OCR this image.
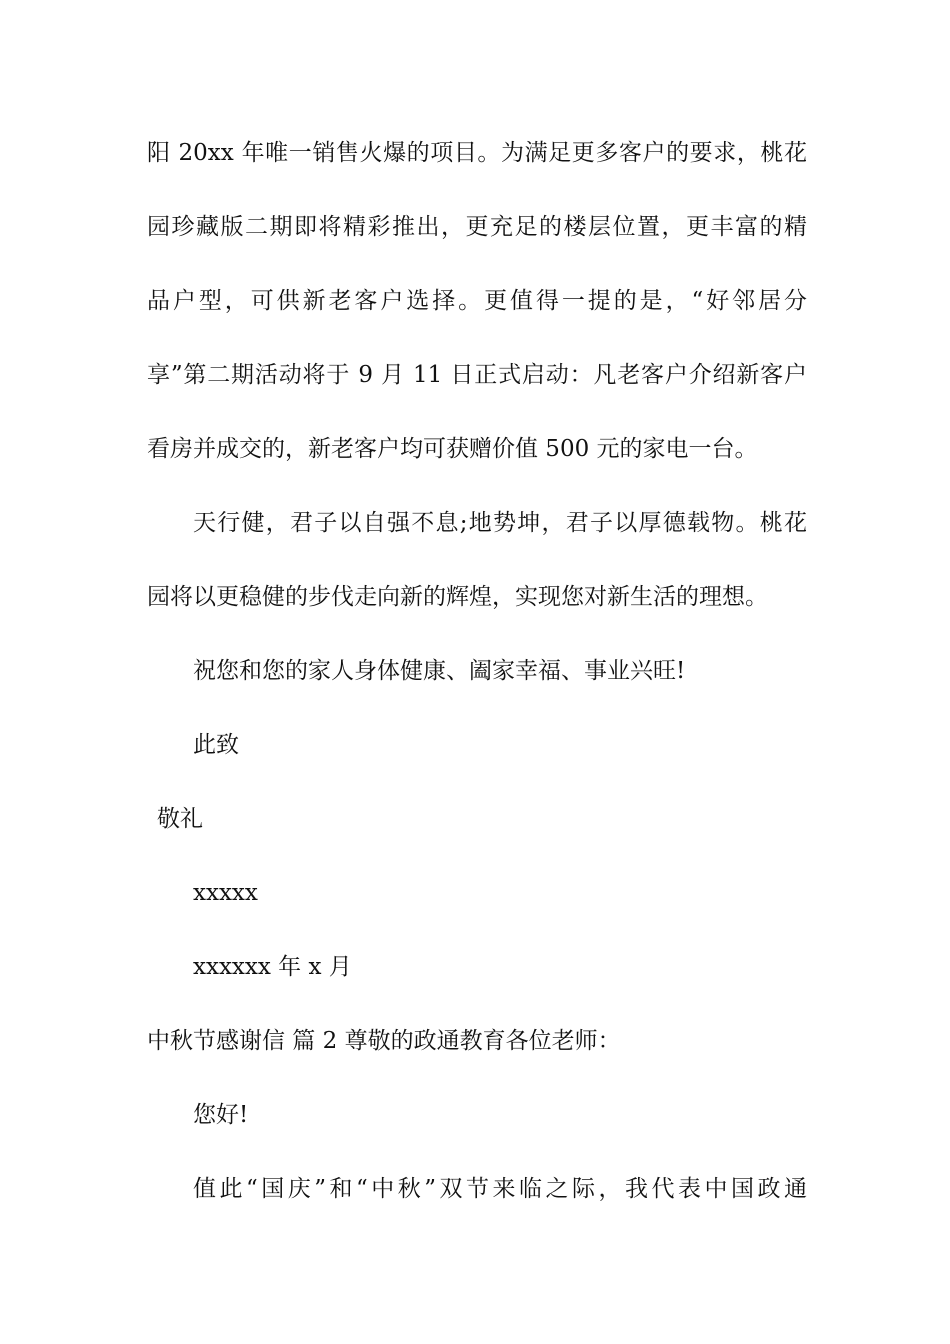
阳 20xx 年唯一销售火爆的项目。为满足更多客户的要求，桃花

园珍藏版二期即将精彩推出，更充足的楼层位置，更丰富的精

品户型，可供新老客户选择。更值得一提的是，“好邻居分

享”第二期活动将于 9 月 11 日正式启动：凡老客户介绍新客户

看房并成交的，新老客户均可获赠价值 500 元的家电一台。

天行健，君子以自强不息;地势坤，君子以厚德载物。桃花

园将以更稳健的步伐走向新的辉煌，实现您对新生活的理想。

祝您和您的家人身体健康、阖家幸福、事业兴旺!

此致

敬礼

xxxxx

xxxxxx 年 x 月

中秋节感谢信 篇 2 尊敬的政通教育各位老师：

您好!

值此“国庆”和“中秋”双节来临之际，我代表中国政通
